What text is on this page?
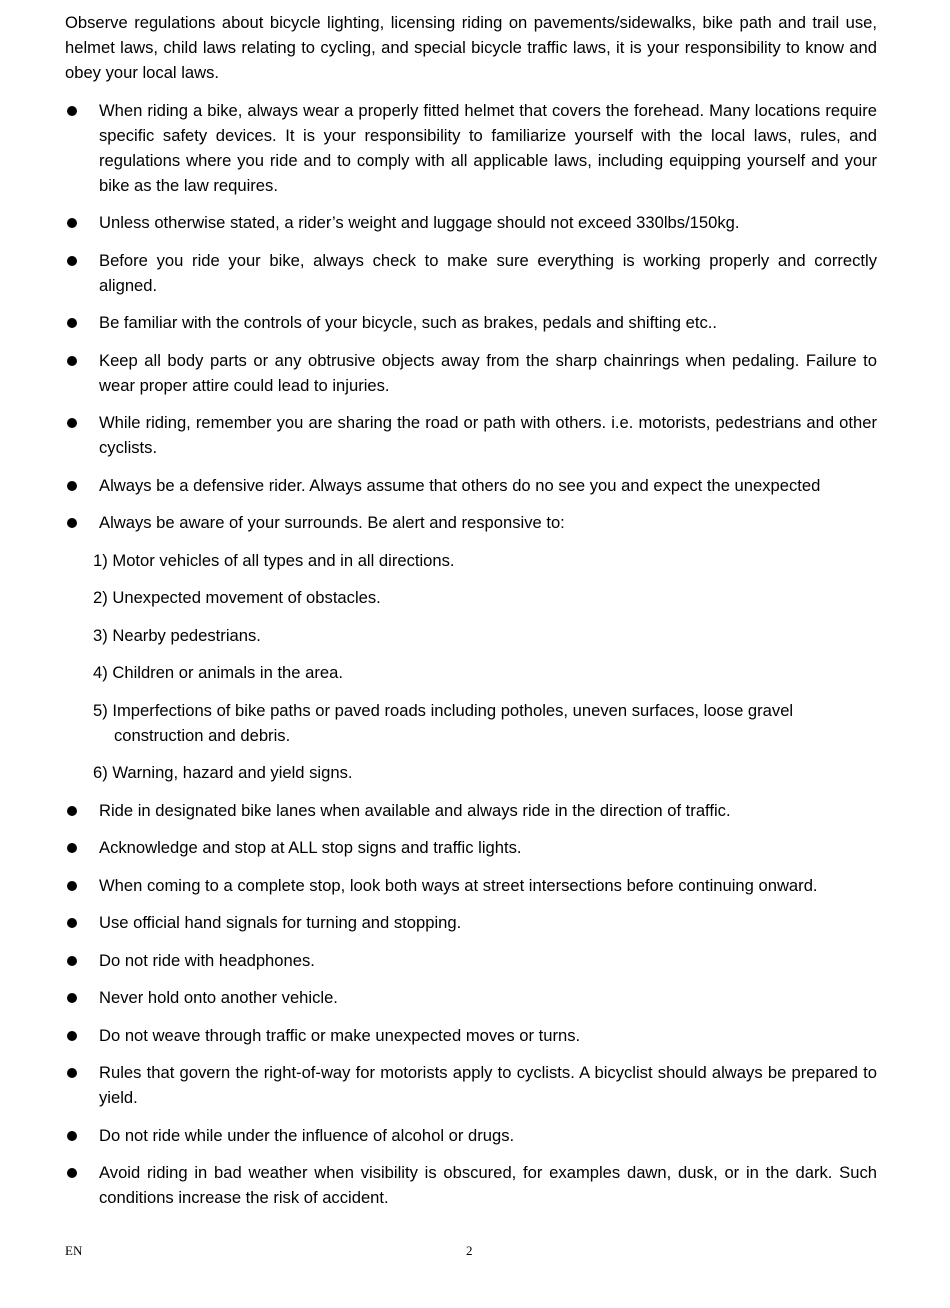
Observe regulations about bicycle lighting, licensing riding on pavements/sidewalks, bike path and trail use, helmet laws, child laws relating to cycling, and special bicycle traffic laws, it is your responsibility to know and obey your local laws.

When riding a bike, always wear a properly fitted helmet that covers the forehead. Many locations require specific safety devices. It is your responsibility to familiarize yourself with the local laws, rules, and regulations where you ride and to comply with all applicable laws, including equipping yourself and your bike as the law requires.
Unless otherwise stated, a rider’s weight and luggage should not exceed 330lbs/150kg.
Before you ride your bike, always check to make sure everything is working properly and correctly aligned.
Be familiar with the controls of your bicycle, such as brakes, pedals and shifting etc..
Keep all body parts or any obtrusive objects away from the sharp chainrings when pedaling. Failure to wear proper attire could lead to injuries.
While riding, remember you are sharing the road or path with others. i.e. motorists, pedestrians and other cyclists.
Always be a defensive rider. Always assume that others do no see you and expect the unexpected
Always be aware of your surrounds. Be alert and responsive to:
1) Motor vehicles of all types and in all directions.
2) Unexpected movement of obstacles.
3) Nearby pedestrians.
4) Children or animals in the area.
5) Imperfections of bike paths or paved roads including potholes, uneven surfaces, loose gravel construction and debris.
6) Warning, hazard and yield signs.
Ride in designated bike lanes when available and always ride in the direction of traffic.
Acknowledge and stop at ALL stop signs and traffic lights.
When coming to a complete stop, look both ways at street intersections before continuing onward.
Use official hand signals for turning and stopping.
Do not ride with headphones.
Never hold onto another vehicle.
Do not weave through traffic or make unexpected moves or turns.
Rules that govern the right-of-way for motorists apply to cyclists. A bicyclist should always be prepared to yield.
Do not ride while under the influence of alcohol or drugs.
Avoid riding in bad weather when visibility is obscured, for examples dawn, dusk, or in the dark. Such conditions increase the risk of accident.
EN	2
